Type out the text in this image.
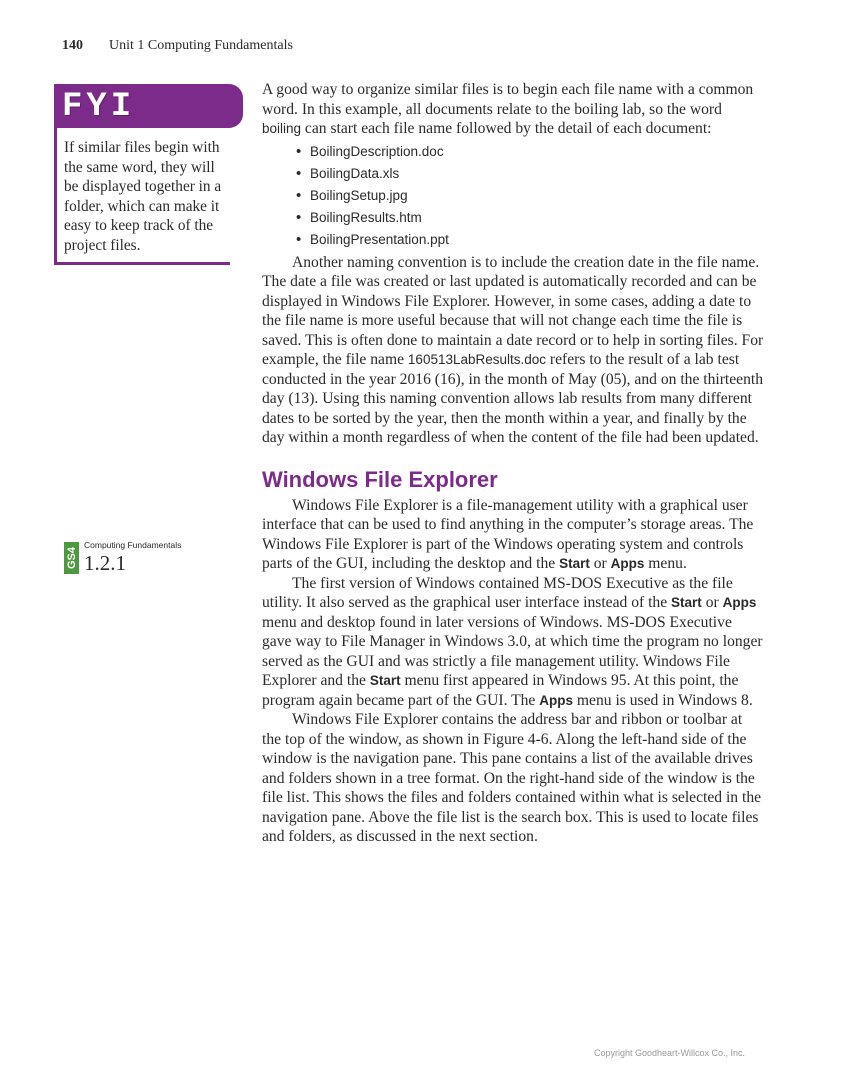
140 Unit 1 Computing Fundamentals
FYI
If similar files begin with the same word, they will be displayed together in a folder, which can make it easy to keep track of the project files.
GS4
Computing Fundamentals
1.2.1

A good way to organize similar files is to begin each file name with a common word. In this example, all documents relate to the boiling lab, so the word boiling can start each file name followed by the detail of each document:

• BoilingDescription.doc
• BoilingData.xls
• BoilingSetup.jpg
• BoilingResults.htm
• BoilingPresentation.ppt

Another naming convention is to include the creation date in the file name. The date a file was created or last updated is automatically recorded and can be displayed in Windows File Explorer. However, in some cases, adding a date to the file name is more useful because that will not change each time the file is saved. This is often done to maintain a date record or to help in sorting files. For example, the file name 160513LabResults.doc refers to the result of a lab test conducted in the year 2016 (16), in the month of May (05), and on the thirteenth day (13). Using this naming convention allows lab results from many different dates to be sorted by the year, then the month within a year, and finally by the day within a month regardless of when the content of the file had been updated.

Windows File Explorer

Windows File Explorer is a file-management utility with a graphical user interface that can be used to find anything in the computer’s storage areas. The Windows File Explorer is part of the Windows operating system and controls parts of the GUI, including the desktop and the Start or Apps menu.

The first version of Windows contained MS-DOS Executive as the file utility. It also served as the graphical user interface instead of the Start or Apps menu and desktop found in later versions of Windows. MS-DOS Executive gave way to File Manager in Windows 3.0, at which time the program no longer served as the GUI and was strictly a file management utility. Windows File Explorer and the Start menu first appeared in Windows 95. At this point, the program again became part of the GUI. The Apps menu is used in Windows 8.

Windows File Explorer contains the address bar and ribbon or toolbar at the top of the window, as shown in Figure 4-6. Along the left-hand side of the window is the navigation pane. This pane contains a list of the available drives and folders shown in a tree format. On the right-hand side of the window is the file list. This shows the files and folders contained within what is selected in the navigation pane. Above the file list is the search box. This is used to locate files and folders, as discussed in the next section.

Copyright Goodheart-Willcox Co., Inc.
